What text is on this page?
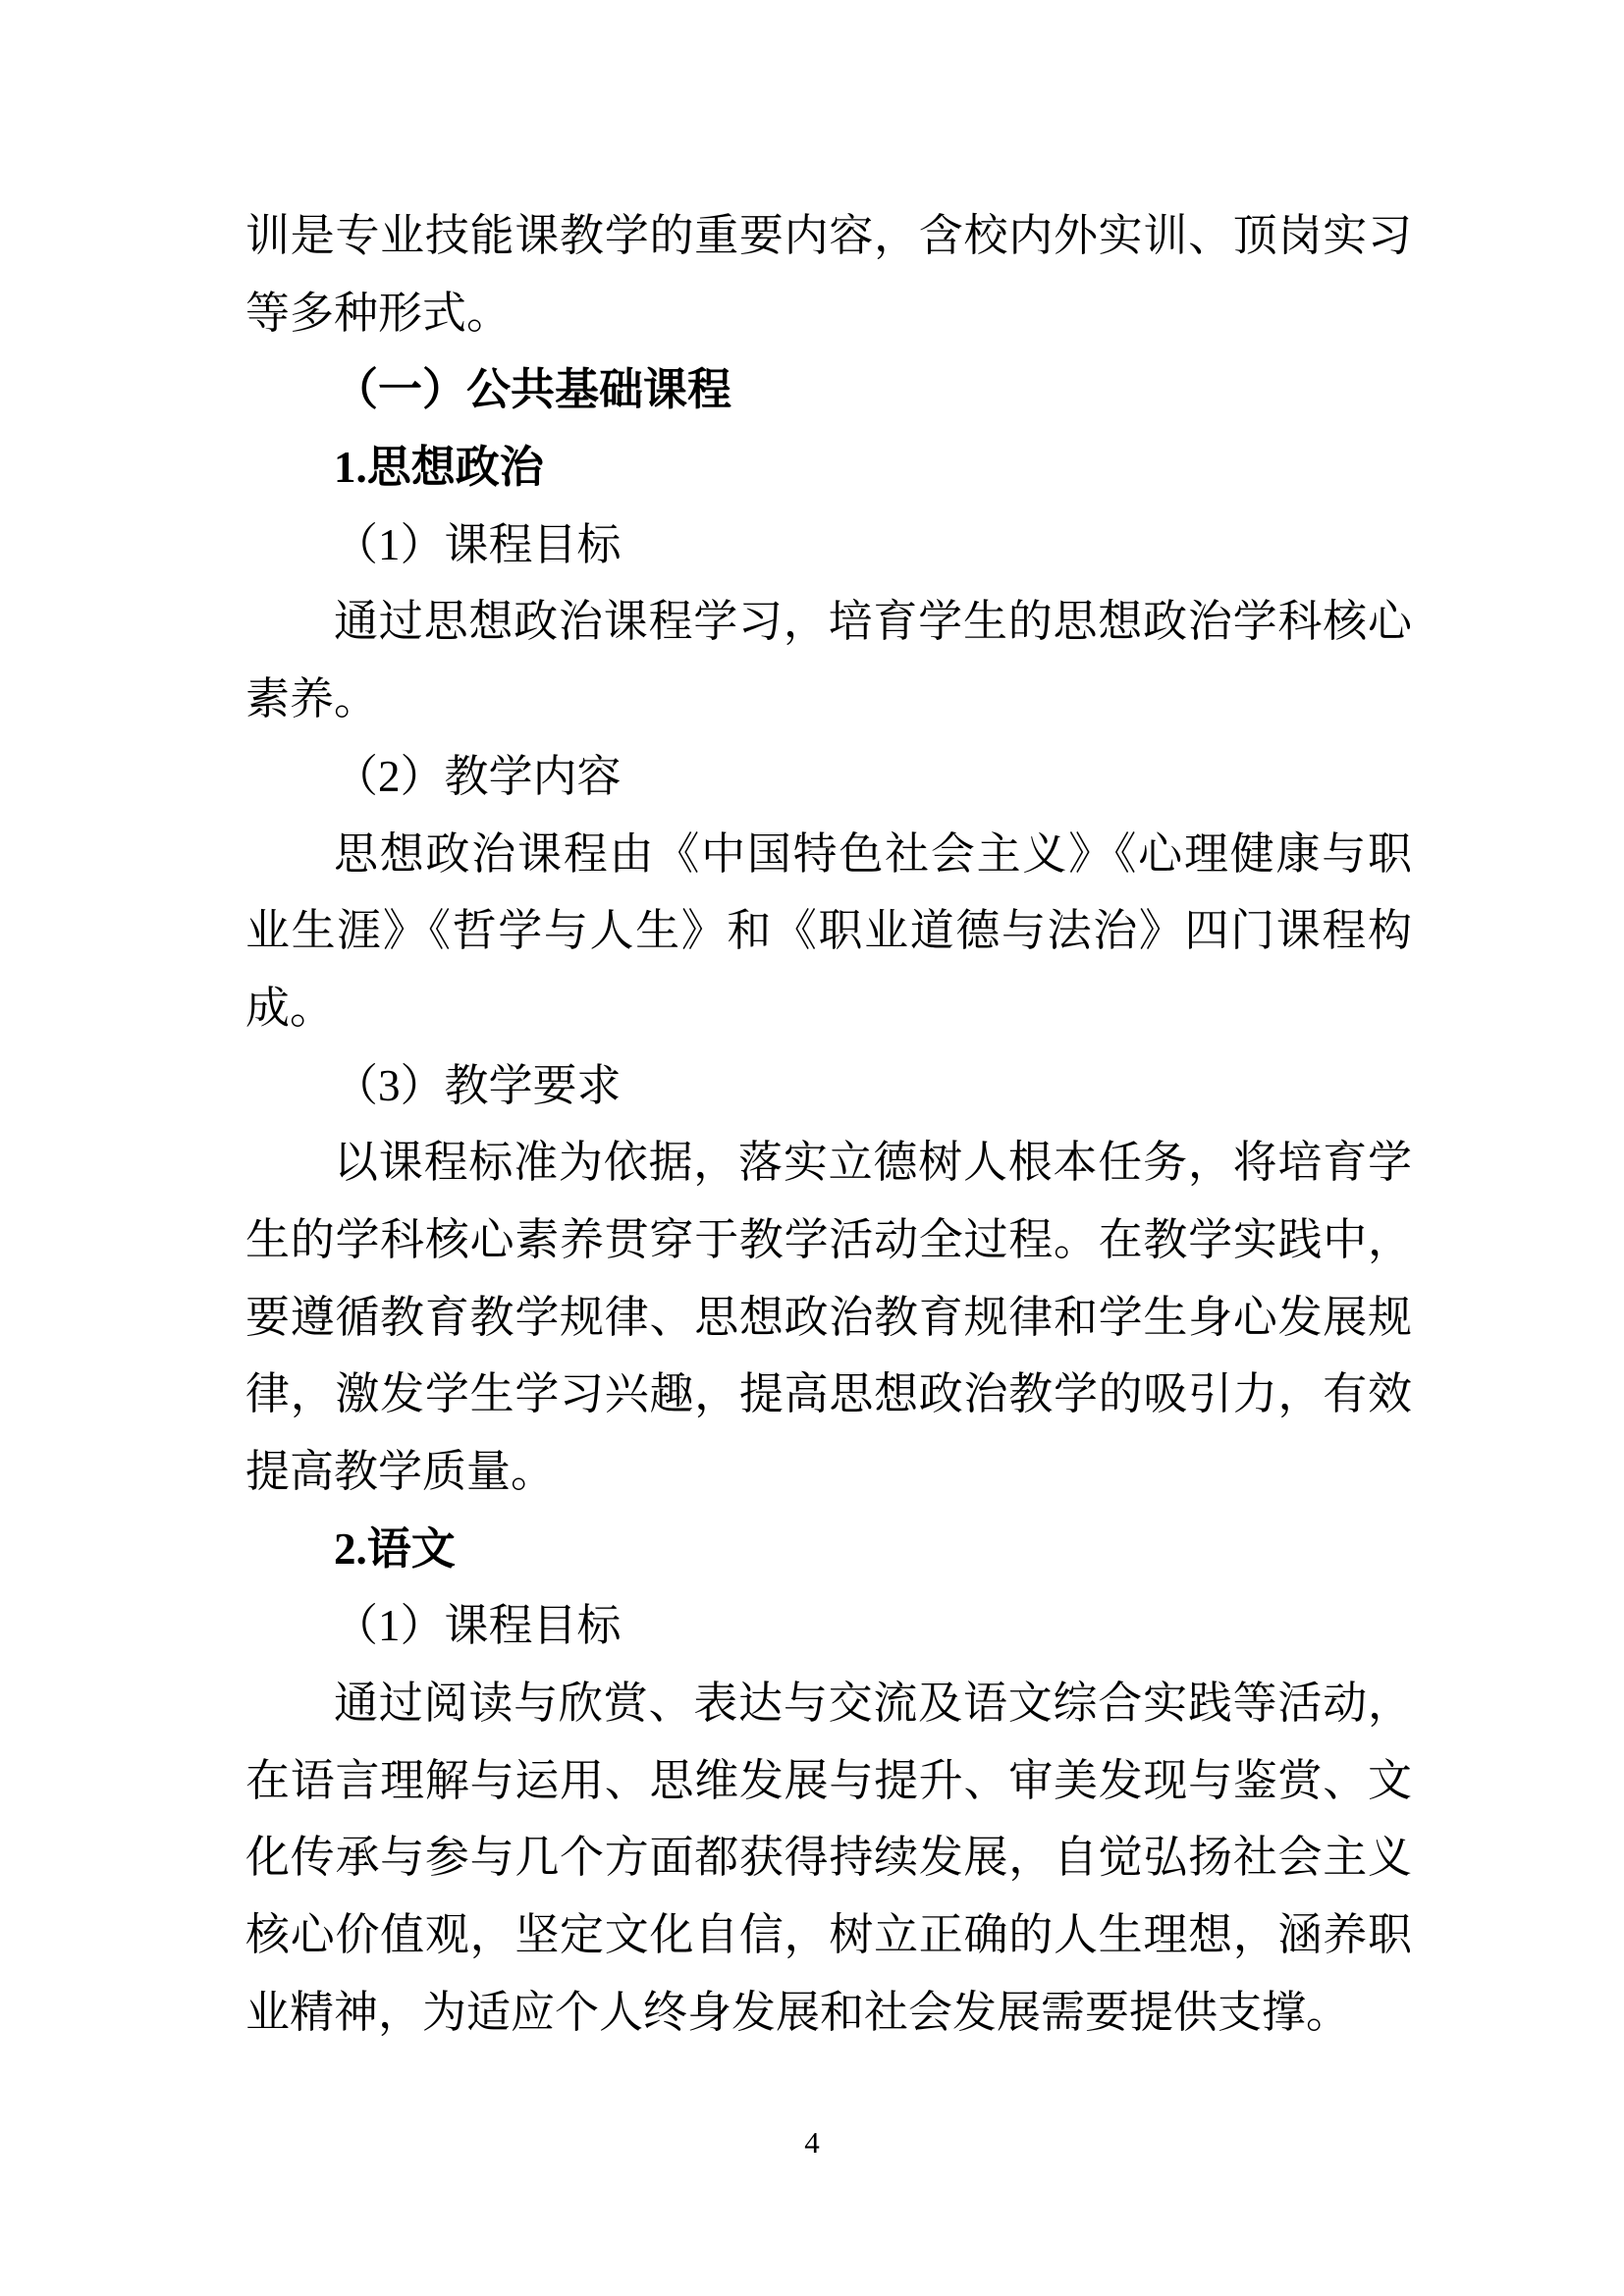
训是专业技能课教学的重要内容，含校内外实训、顶岗实习
等多种形式。
（一）公共基础课程
1.思想政治
（1）课程目标
通过思想政治课程学习，培育学生的思想政治学科核心
素养。
（2）教学内容
思想政治课程由《中国特色社会主义》《心理健康与职
业生涯》《哲学与人生》和《职业道德与法治》四门课程构
成。
（3）教学要求
以课程标准为依据，落实立德树人根本任务，将培育学
生的学科核心素养贯穿于教学活动全过程。在教学实践中，
要遵循教育教学规律、思想政治教育规律和学生身心发展规
律，激发学生学习兴趣，提高思想政治教学的吸引力，有效
提高教学质量。
2.语文
（1）课程目标
通过阅读与欣赏、表达与交流及语文综合实践等活动，
在语言理解与运用、思维发展与提升、审美发现与鉴赏、文
化传承与参与几个方面都获得持续发展，自觉弘扬社会主义
核心价值观，坚定文化自信，树立正确的人生理想，涵养职
业精神，为适应个人终身发展和社会发展需要提供支撑。
4
